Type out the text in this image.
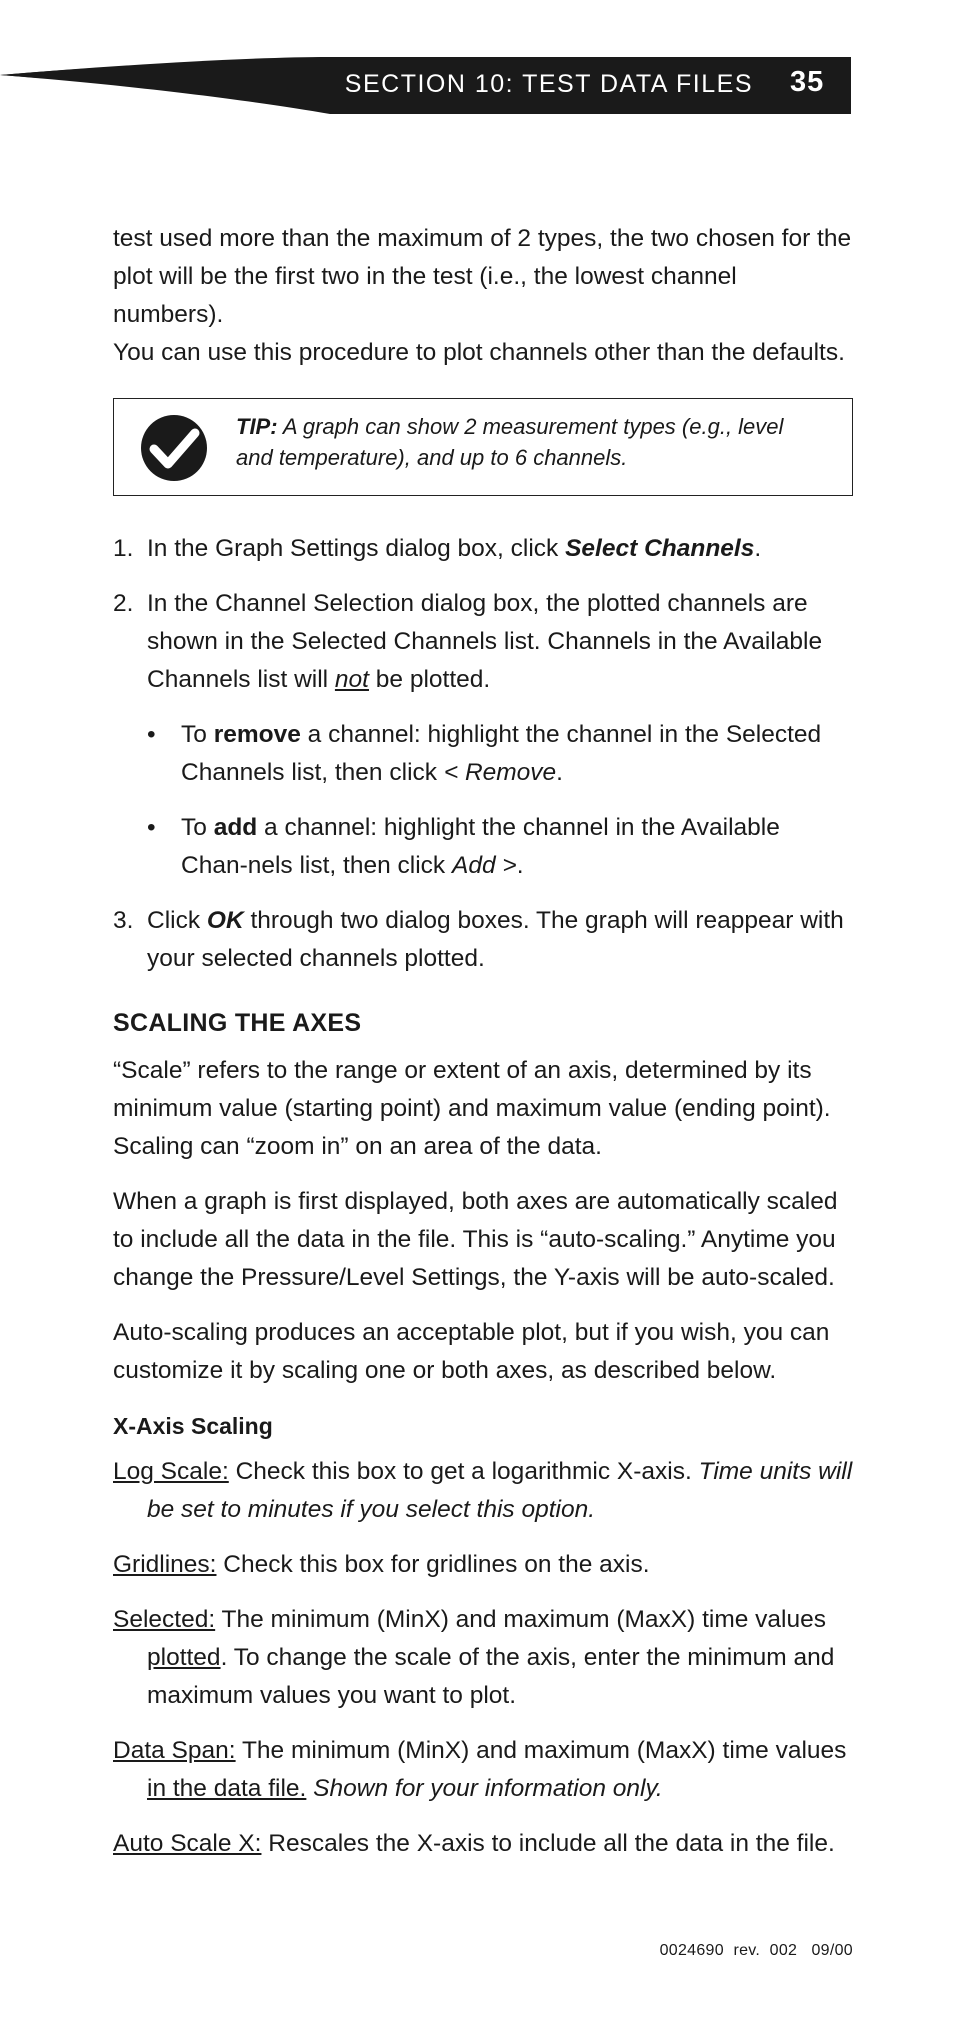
SECTION 10: TEST DATA FILES 35

test used more than the maximum of 2 types, the two chosen for the

plot will be the first two in the test (i.e., the lowest channel numbers).

You can use this procedure to plot channels other than the defaults.

TIP: A graph can show 2 measurement types (e.g., level and temperature), and up to 6 channels.
1. In the Graph Settings dialog box, click Select Channels.
2. In the Channel Selection dialog box, the plotted channels are shown in the Selected Channels list. Channels in the Available Channels list will not be plotted.
• To remove a channel: highlight the channel in the Selected Channels list, then click < Remove.
• To add a channel: highlight the channel in the Available Chan-nels list, then click Add >.
3. Click OK through two dialog boxes. The graph will reappear with your selected channels plotted.
SCALING THE AXES

“Scale” refers to the range or extent of an axis, determined by its minimum value (starting point) and maximum value (ending point). Scaling can “zoom in” on an area of the data.

When a graph is first displayed, both axes are automatically scaled to include all the data in the file. This is “auto-scaling.” Anytime you change the Pressure/Level Settings, the Y-axis will be auto-scaled.

Auto-scaling produces an acceptable plot, but if you wish, you can customize it by scaling one or both axes, as described below.

X-Axis Scaling

Log Scale: Check this box to get a logarithmic X-axis. Time units will be set to minutes if you select this option.

Gridlines: Check this box for gridlines on the axis.

Selected: The minimum (MinX) and maximum (MaxX) time values plotted. To change the scale of the axis, enter the minimum and maximum values you want to plot.

Data Span: The minimum (MinX) and maximum (MaxX) time values in the data file. Shown for your information only.

Auto Scale X: Rescales the X-axis to include all the data in the file.

0024690  rev.  002   09/00
